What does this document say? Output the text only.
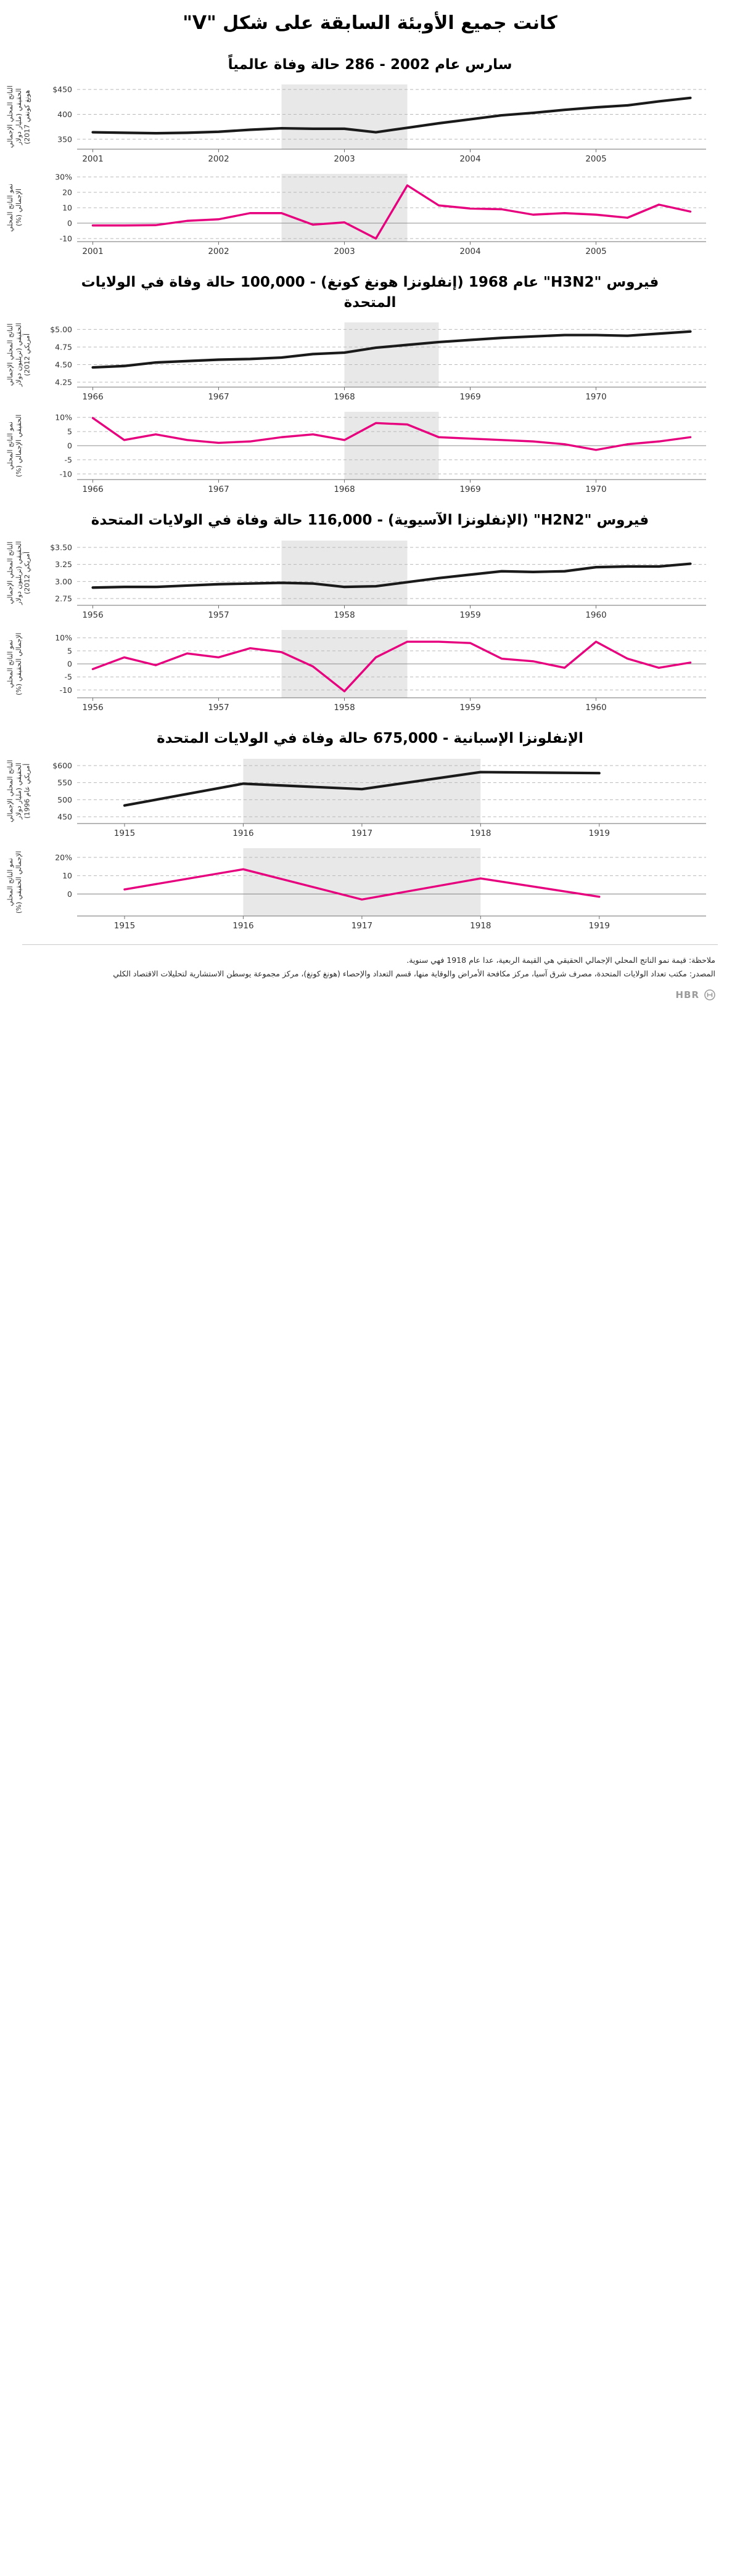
كانت جميع الأوبئة السابقة على شكل "V"
سارس عام 2002 - 286 حالة وفاة عالمياً
350
400
$450
2001	2002	2003	2004	2005
الناتج المحلي الإجمالي الحقيقي (مليار دولار هونغ كونغي 2017)
-10
0
10
20
30%
2001	2002	2003	2004	2005
نمو الناتج المحلي الإجمالي (%)
فيروس "H3N2" عام 1968 (إنفلونزا هونغ كونغ) - 100,000 حالة وفاة في الولايات المتحدة
4.25
4.50
4.75
$5.00
1966	1967	1968	1969	1970
الناتج المحلي الإجمالي الحقيقي (تريليون دولار أمريكي 2012)
-10
-5
0
5
10%
1966	1967	1968	1969	1970
نمو الناتج المحلي الحقيقي الإجمالي (%)
فيروس "H2N2" (الإنفلونزا الآسيوية) - 116,000 حالة وفاة في الولايات المتحدة
2.75
3.00
3.25
$3.50
1956	1957	1958	1959	1960
الناتج المحلي الإجمالي الحقيقي (تريليون دولار أمريكي 2012)
-10
-5
0
5
10%
1956	1957	1958	1959	1960
نمو الناتج المحلي الإجمالي الحقيقي (%)
الإنفلونزا الإسبانية - 675,000 حالة وفاة في الولايات المتحدة
450
500
550
$600
1915	1916	1917	1918	1919
الناتج المحلي الإجمالي الحقيقي (مليار دولار أمريكي عام 1996)
0
10
20%
1915	1916	1917	1918	1919
نمو الناتج المحلي الإجمالي الحقيقي (%)
ملاحظة: قيمة نمو الناتج المحلي الإجمالي الحقيقي هي القيمة الربعية، عدا عام 1918 فهي سنوية.
المصدر: مكتب تعداد الولايات المتحدة، مصرف شرق آسيا، مركز مكافحة الأمراض والوقاية منها، قسم التعداد والإحصاء (هونغ كونغ)، مركز مجموعة يوسطن الاستشارية لتحليلات الاقتصاد الكلي
HBR
